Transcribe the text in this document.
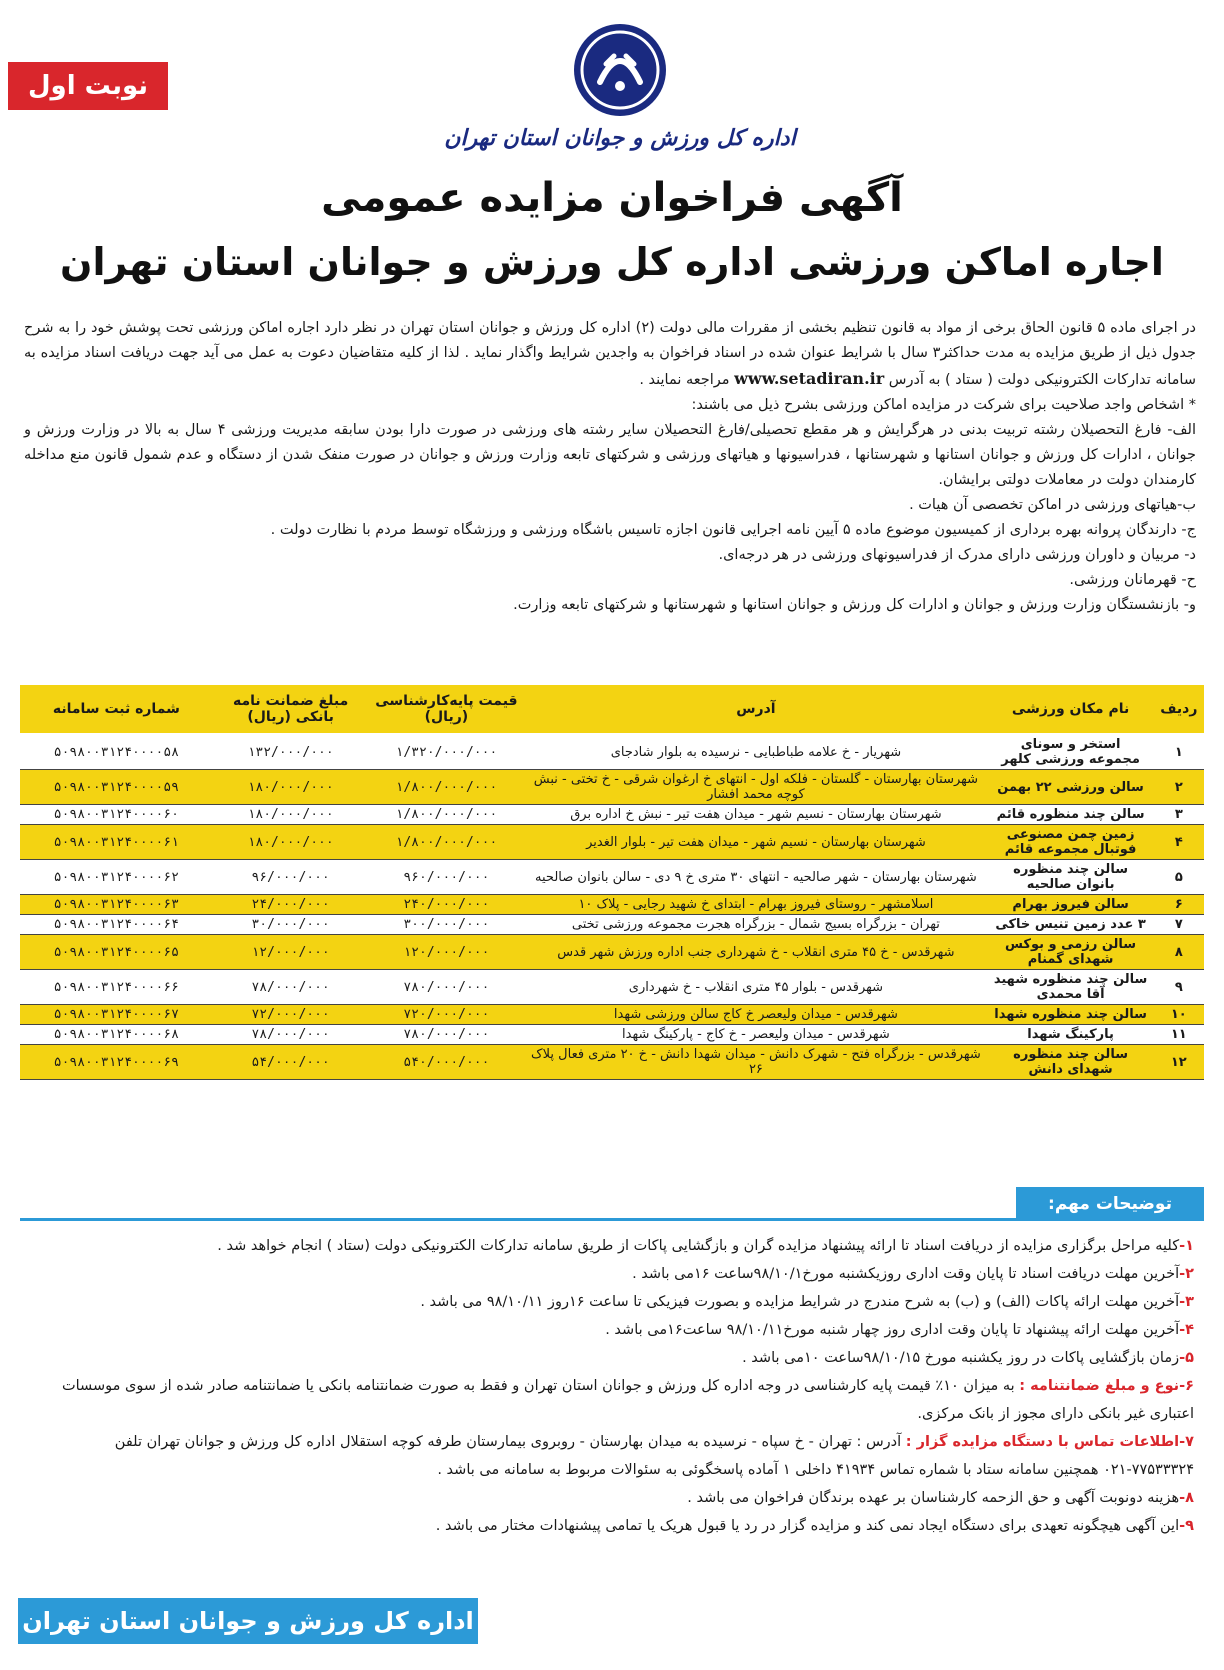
نوبت اول
اداره کل ورزش و جوانان استان تهران
آگهی فراخوان مزایده عمومی
اجاره اماکن ورزشی اداره کل ورزش و جوانان استان تهران

در اجرای ماده ۵ قانون الحاق برخی از مواد به قانون تنظیم بخشی از مقررات مالی دولت (۲) اداره کل ورزش و جوانان استان تهران در نظر دارد اجاره اماکن ورزشی تحت پوشش خود را به شرح جدول ذیل از طریق مزایده به مدت حداکثر۳ سال با شرایط عنوان شده در اسناد فراخوان به واجدین شرایط واگذار نماید . لذا از کلیه متقاضیان دعوت به عمل می آید جهت دریافت اسناد مزایده به سامانه تدارکات الکترونیکی دولت ( ستاد ) به آدرس www.setadiran.ir مراجعه نمایند .

* اشخاص واجد صلاحیت برای شرکت در مزایده اماکن ورزشی بشرح ذیل می باشند:

الف- فارغ التحصیلان رشته تربیت بدنی در هرگرایش و هر مقطع تحصیلی/فارغ التحصیلان سایر رشته های ورزشی در صورت دارا بودن سابقه مدیریت ورزشی ۴ سال به بالا در وزارت ورزش و جوانان ، ادارات کل ورزش و جوانان استانها و شهرستانها ، فدراسیونها و هیاتهای ورزشی و شرکتهای تابعه وزارت ورزش و جوانان در صورت منفک شدن از دستگاه و عدم شمول قانون منع مداخله کارمندان دولت در معاملات دولتی برایشان.

ب-هیاتهای ورزشی در اماکن تخصصی آن هیات .

ج- دارندگان پروانه بهره برداری از کمیسیون موضوع ماده ۵ آیین نامه اجرایی قانون اجازه تاسیس باشگاه ورزشی و ورزشگاه توسط مردم با نظارت دولت .

د- مربیان و داوران ورزشی دارای مدرک از فدراسیونهای ورزشی در هر درجه‌ای.

ح- قهرمانان ورزشی.

و- بازنشستگان وزارت ورزش و جوانان و ادارات کل ورزش و جوانان استانها و شهرستانها و شرکتهای تابعه وزارت.

ردیف	نام مکان ورزشی	آدرس	قیمت پایه‌کارشناسی (ریال)	مبلغ ضمانت نامه بانکی (ریال)	شماره ثبت سامانه
۱	استخر و سونای مجموعه ورزشی کلهر	شهریار - خ علامه طباطبایی - نرسیده به بلوار شادجای	۱/۳۲۰/۰۰۰/۰۰۰	۱۳۲/۰۰۰/۰۰۰	۵۰۹۸۰۰۳۱۲۴۰۰۰۰۵۸
۲	سالن ورزشی ۲۲ بهمن	شهرستان بهارستان - گلستان - فلکه اول - انتهای خ ارغوان شرقی - خ تختی - نبش کوچه محمد افشار	۱/۸۰۰/۰۰۰/۰۰۰	۱۸۰/۰۰۰/۰۰۰	۵۰۹۸۰۰۳۱۲۴۰۰۰۰۵۹
۳	سالن چند منظوره قائم	شهرستان بهارستان - نسیم شهر - میدان هفت تیر - نبش خ اداره برق	۱/۸۰۰/۰۰۰/۰۰۰	۱۸۰/۰۰۰/۰۰۰	۵۰۹۸۰۰۳۱۲۴۰۰۰۰۶۰
۴	زمین چمن مصنوعی فوتبال مجموعه قائم	شهرستان بهارستان - نسیم شهر - میدان هفت تیر - بلوار الغدیر	۱/۸۰۰/۰۰۰/۰۰۰	۱۸۰/۰۰۰/۰۰۰	۵۰۹۸۰۰۳۱۲۴۰۰۰۰۶۱
۵	سالن چند منظوره بانوان صالحیه	شهرستان بهارستان - شهر صالحیه - انتهای ۳۰ متری خ ۹ دی - سالن بانوان صالحیه	۹۶۰/۰۰۰/۰۰۰	۹۶/۰۰۰/۰۰۰	۵۰۹۸۰۰۳۱۲۴۰۰۰۰۶۲
۶	سالن فیروز بهرام	اسلامشهر - روستای فیروز بهرام - ابتدای خ شهید رجایی - پلاک ۱۰	۲۴۰/۰۰۰/۰۰۰	۲۴/۰۰۰/۰۰۰	۵۰۹۸۰۰۳۱۲۴۰۰۰۰۶۳
۷	۳ عدد زمین تنیس خاکی	تهران - بزرگراه بسیج شمال - بزرگراه هجرت مجموعه ورزشی تختی	۳۰۰/۰۰۰/۰۰۰	۳۰/۰۰۰/۰۰۰	۵۰۹۸۰۰۳۱۲۴۰۰۰۰۶۴
۸	سالن رزمی و بوکس شهدای گمنام	شهرقدس - خ ۴۵ متری انقلاب - خ شهرداری جنب اداره ورزش شهر قدس	۱۲۰/۰۰۰/۰۰۰	۱۲/۰۰۰/۰۰۰	۵۰۹۸۰۰۳۱۲۴۰۰۰۰۶۵
۹	سالن چند منظوره شهید آقا محمدی	شهرقدس - بلوار ۴۵ متری انقلاب - خ شهرداری	۷۸۰/۰۰۰/۰۰۰	۷۸/۰۰۰/۰۰۰	۵۰۹۸۰۰۳۱۲۴۰۰۰۰۶۶
۱۰	سالن چند منظوره شهدا	شهرقدس - میدان ولیعصر خ کاج سالن ورزشی شهدا	۷۲۰/۰۰۰/۰۰۰	۷۲/۰۰۰/۰۰۰	۵۰۹۸۰۰۳۱۲۴۰۰۰۰۶۷
۱۱	پارکینگ شهدا	شهرقدس - میدان ولیعصر - خ کاج - پارکینگ شهدا	۷۸۰/۰۰۰/۰۰۰	۷۸/۰۰۰/۰۰۰	۵۰۹۸۰۰۳۱۲۴۰۰۰۰۶۸
۱۲	سالن چند منظوره شهدای دانش	شهرقدس - بزرگراه فتح - شهرک دانش - میدان شهدا دانش - خ ۲۰ متری فعال پلاک ۲۶	۵۴۰/۰۰۰/۰۰۰	۵۴/۰۰۰/۰۰۰	۵۰۹۸۰۰۳۱۲۴۰۰۰۰۶۹
توضیحات مهم:
۱-کلیه مراحل برگزاری مزایده از دریافت اسناد تا ارائه پیشنهاد مزایده گران و بازگشایی پاکات از طریق سامانه تدارکات الکترونیکی دولت (ستاد ) انجام خواهد شد .
۲-آخرین مهلت دریافت اسناد تا پایان وقت اداری روزیکشنبه مورخ۹۸/۱۰/۱ساعت ۱۶می باشد .
۳-آخرین مهلت ارائه پاکات (الف) و (ب) به شرح مندرج در شرایط مزایده و بصورت فیزیکی تا ساعت ۱۶روز ۹۸/۱۰/۱۱ می باشد .
۴-آخرین مهلت ارائه پیشنهاد تا پایان وقت اداری روز چهار شنبه مورخ۹۸/۱۰/۱۱ ساعت۱۶می باشد .
۵-زمان بازگشایی پاکات در روز یکشنبه مورخ ۹۸/۱۰/۱۵ساعت ۱۰می باشد .
۶-نوع و مبلغ ضمانتنامه : به میزان ۱۰٪ قیمت پایه کارشناسی در وجه اداره کل ورزش و جوانان استان تهران و فقط به صورت ضمانتنامه بانکی یا ضمانتنامه صادر شده از سوی موسسات اعتباری غیر بانکی دارای مجوز از بانک مرکزی.
۷-اطلاعات تماس با دستگاه مزایده گزار : آدرس : تهران - خ سپاه - نرسیده به میدان بهارستان - روبروی بیمارستان طرفه کوچه استقلال اداره کل ورزش و جوانان تهران تلفن ۷۷۵۳۳۳۲۴-۰۲۱ همچنین سامانه ستاد با شماره تماس ۴۱۹۳۴ داخلی ۱ آماده پاسخگوئی به سئوالات مربوط به سامانه می باشد .
۸-هزینه دونوبت آگهی و حق الزحمه کارشناسان بر عهده برندگان فراخوان می باشد .
۹-این آگهی هیچگونه تعهدی برای دستگاه ایجاد نمی کند و مزایده گزار در رد یا قبول هریک یا تمامی پیشنهادات مختار می باشد .
اداره کل ورزش و جوانان استان تهران
